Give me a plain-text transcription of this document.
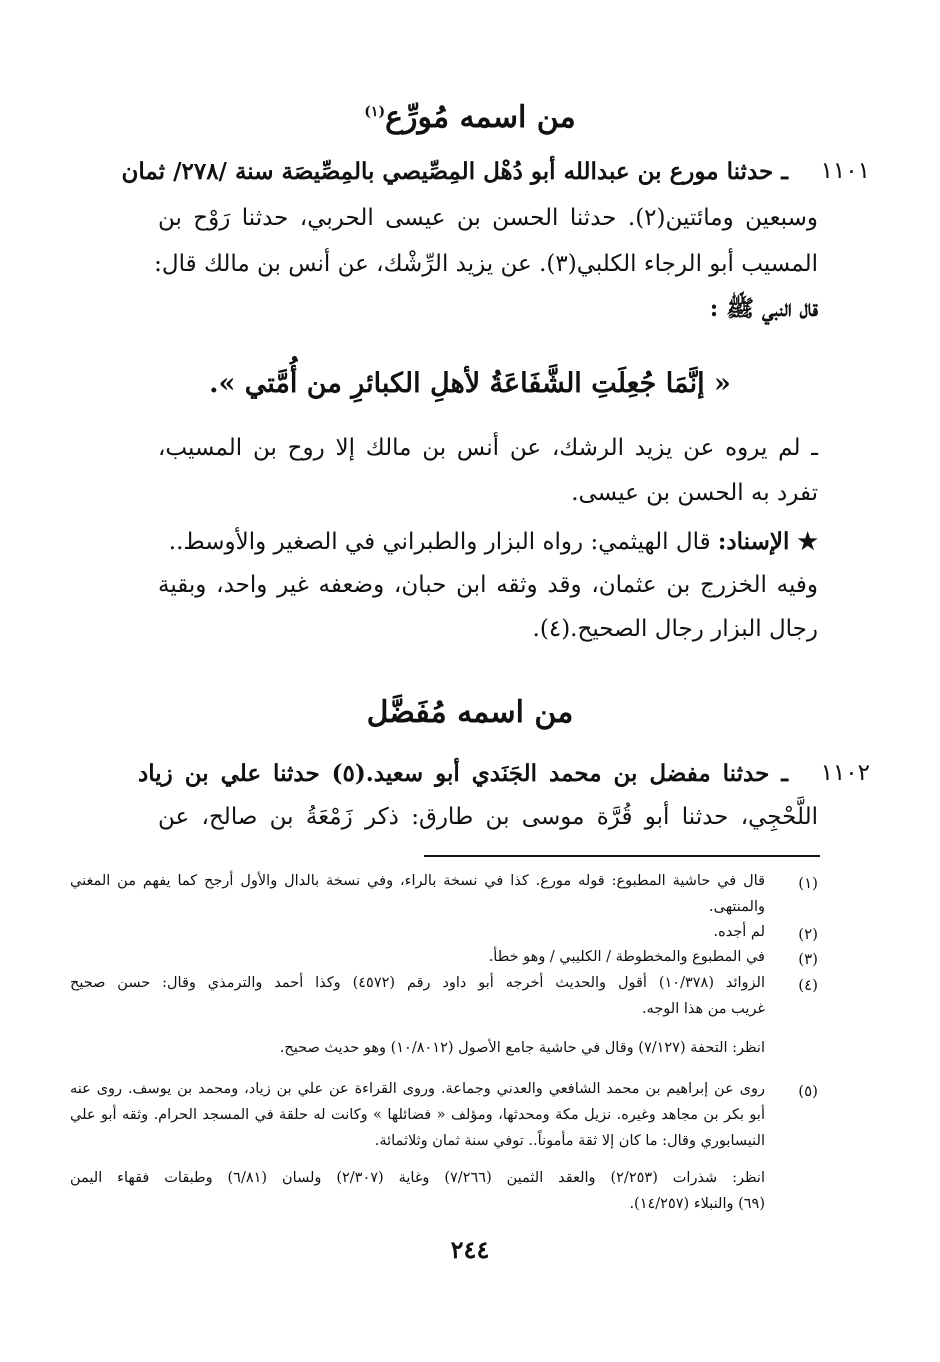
من اسمه مُورِّع$^{(١)}$
١١٠١
ـ حدثنا مورع بن عبدالله أبو دُهْل المِصِّيصي بالمِصِّيصَة سنة /٢٧٨/ ثمان
وسبعين ومائتين(٢). حدثنا الحسن بن عيسى الحربي، حدثنا رَوْح بن
المسيب أبو الرجاء الكلبي(٣). عن يزيد الرِّشْك، عن أنس بن مالك قال:
قال النبي ﷺ :
« إنَّمَا جُعِلَتِ الشَّفَاعَةُ لأهلِ الكبائرِ من أُمَّتي ».
ـ لم يروه عن يزيد الرشك، عن أنس بن مالك إلا روح بن المسيب،
تفرد به الحسن بن عيسى.
★ الإسناد: قال الهيثمي: رواه البزار والطبراني في الصغير والأوسط..
وفيه الخزرج بن عثمان، وقد وثقه ابن حبان، وضعفه غير واحد، وبقية
رجال البزار رجال الصحيح.(٤).
من اسمه مُفَضَّل
١١٠٢
ـ حدثنا مفضل بن محمد الجَنَدي أبو سعيد.(٥) حدثنا علي بن زياد
اللَّحْجِي، حدثنا أبو قُرَّة موسى بن طارق: ذكر زَمْعَةُ بن صالح، عن
(١)
قال في حاشية المطبوع: قوله مورع. كذا في نسخة بالراء، وفي نسخة بالدال والأول أرجح كما يفهم من المغني
والمنتهى.
(٢)
لم أجده.
(٣)
في المطبوع والمخطوطة / الكليبي / وهو خطأ.
(٤)
الزوائد (١٠/٣٧٨) أقول والحديث أخرجه أبو داود رقم (٤٥٧٢) وكذا أحمد والترمذي وقال: حسن صحيح
غريب من هذا الوجه.
انظر: التحفة (٧/١٢٧) وقال في حاشية جامع الأصول (١٠/٨٠١٢) وهو حديث صحيح.
(٥)
روى عن إبراهيم بن محمد الشافعي والعدني وجماعة. وروى القراءة عن علي بن زياد، ومحمد بن يوسف. روى عنه
أبو بكر بن مجاهد وغيره. نزيل مكة ومحدثها، ومؤلف « فضائلها » وكانت له حلقة في المسجد الحرام. وثقه أبو علي
النيسابوري وقال: ما كان إلا ثقة مأموناً.. توفي سنة ثمان وثلاثمائة.
انظر: شذرات (٢/٢٥٣) والعقد الثمين (٧/٢٦٦) وغاية (٢/٣٠٧) ولسان (٦/٨١) وطبقات فقهاء اليمن
(٦٩) والنبلاء (١٤/٢٥٧).
٢٤٤
